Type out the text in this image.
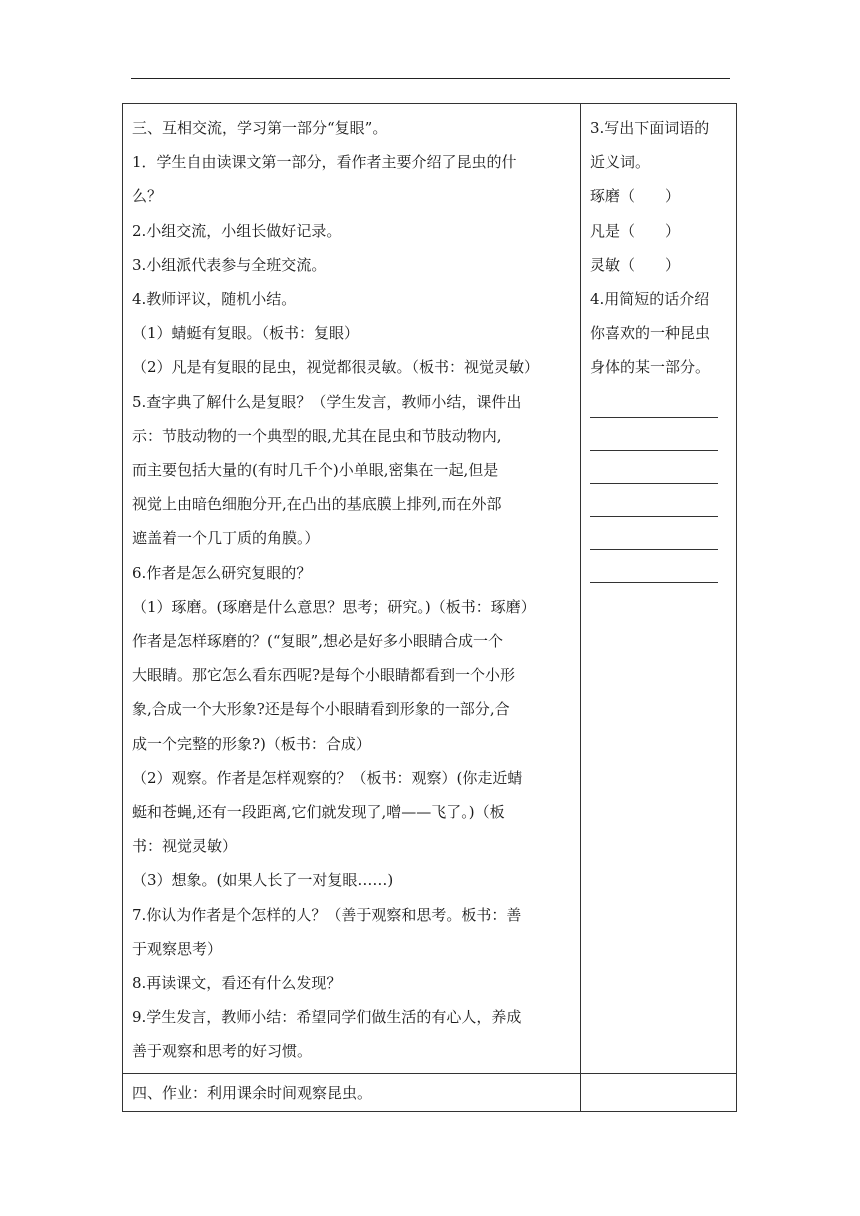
三、互相交流，学习第一部分“复眼”。

1．学生自由读课文第一部分，看作者主要介绍了昆虫的什

么？

2.小组交流，小组长做好记录。

3.小组派代表参与全班交流。

4.教师评议，随机小结。

（1）蜻蜓有复眼。（板书：复眼）

（2）凡是有复眼的昆虫，视觉都很灵敏。（板书：视觉灵敏）

5.查字典了解什么是复眼？（学生发言，教师小结，课件出

示：节肢动物的一个典型的眼,尤其在昆虫和节肢动物内,

而主要包括大量的(有时几千个)小单眼,密集在一起,但是

视觉上由暗色细胞分开,在凸出的基底膜上排列,而在外部

遮盖着一个几丁质的角膜。）

6.作者是怎么研究复眼的？

（1）琢磨。(琢磨是什么意思？思考；研究。)（板书：琢磨）

作者是怎样琢磨的？(“复眼”,想必是好多小眼睛合成一个

大眼睛。那它怎么看东西呢?是每个小眼睛都看到一个小形

象,合成一个大形象?还是每个小眼睛看到形象的一部分,合

成一个完整的形象?)（板书：合成）

（2）观察。作者是怎样观察的？（板书：观察）(你走近蜻

蜓和苍蝇,还有一段距离,它们就发现了,噌——飞了。)（板

书：视觉灵敏）

（3）想象。(如果人长了一对复眼……)

7.你认为作者是个怎样的人？（善于观察和思考。板书：善

于观察思考）

8.再读课文，看还有什么发现？

9.学生发言，教师小结：希望同学们做生活的有心人，养成

善于观察和思考的好习惯。

3.写出下面词语的

近义词。

琢磨（　　）

凡是（　　）

灵敏（　　）

4.用简短的话介绍

你喜欢的一种昆虫

身体的某一部分。

四、作业：利用课余时间观察昆虫。
